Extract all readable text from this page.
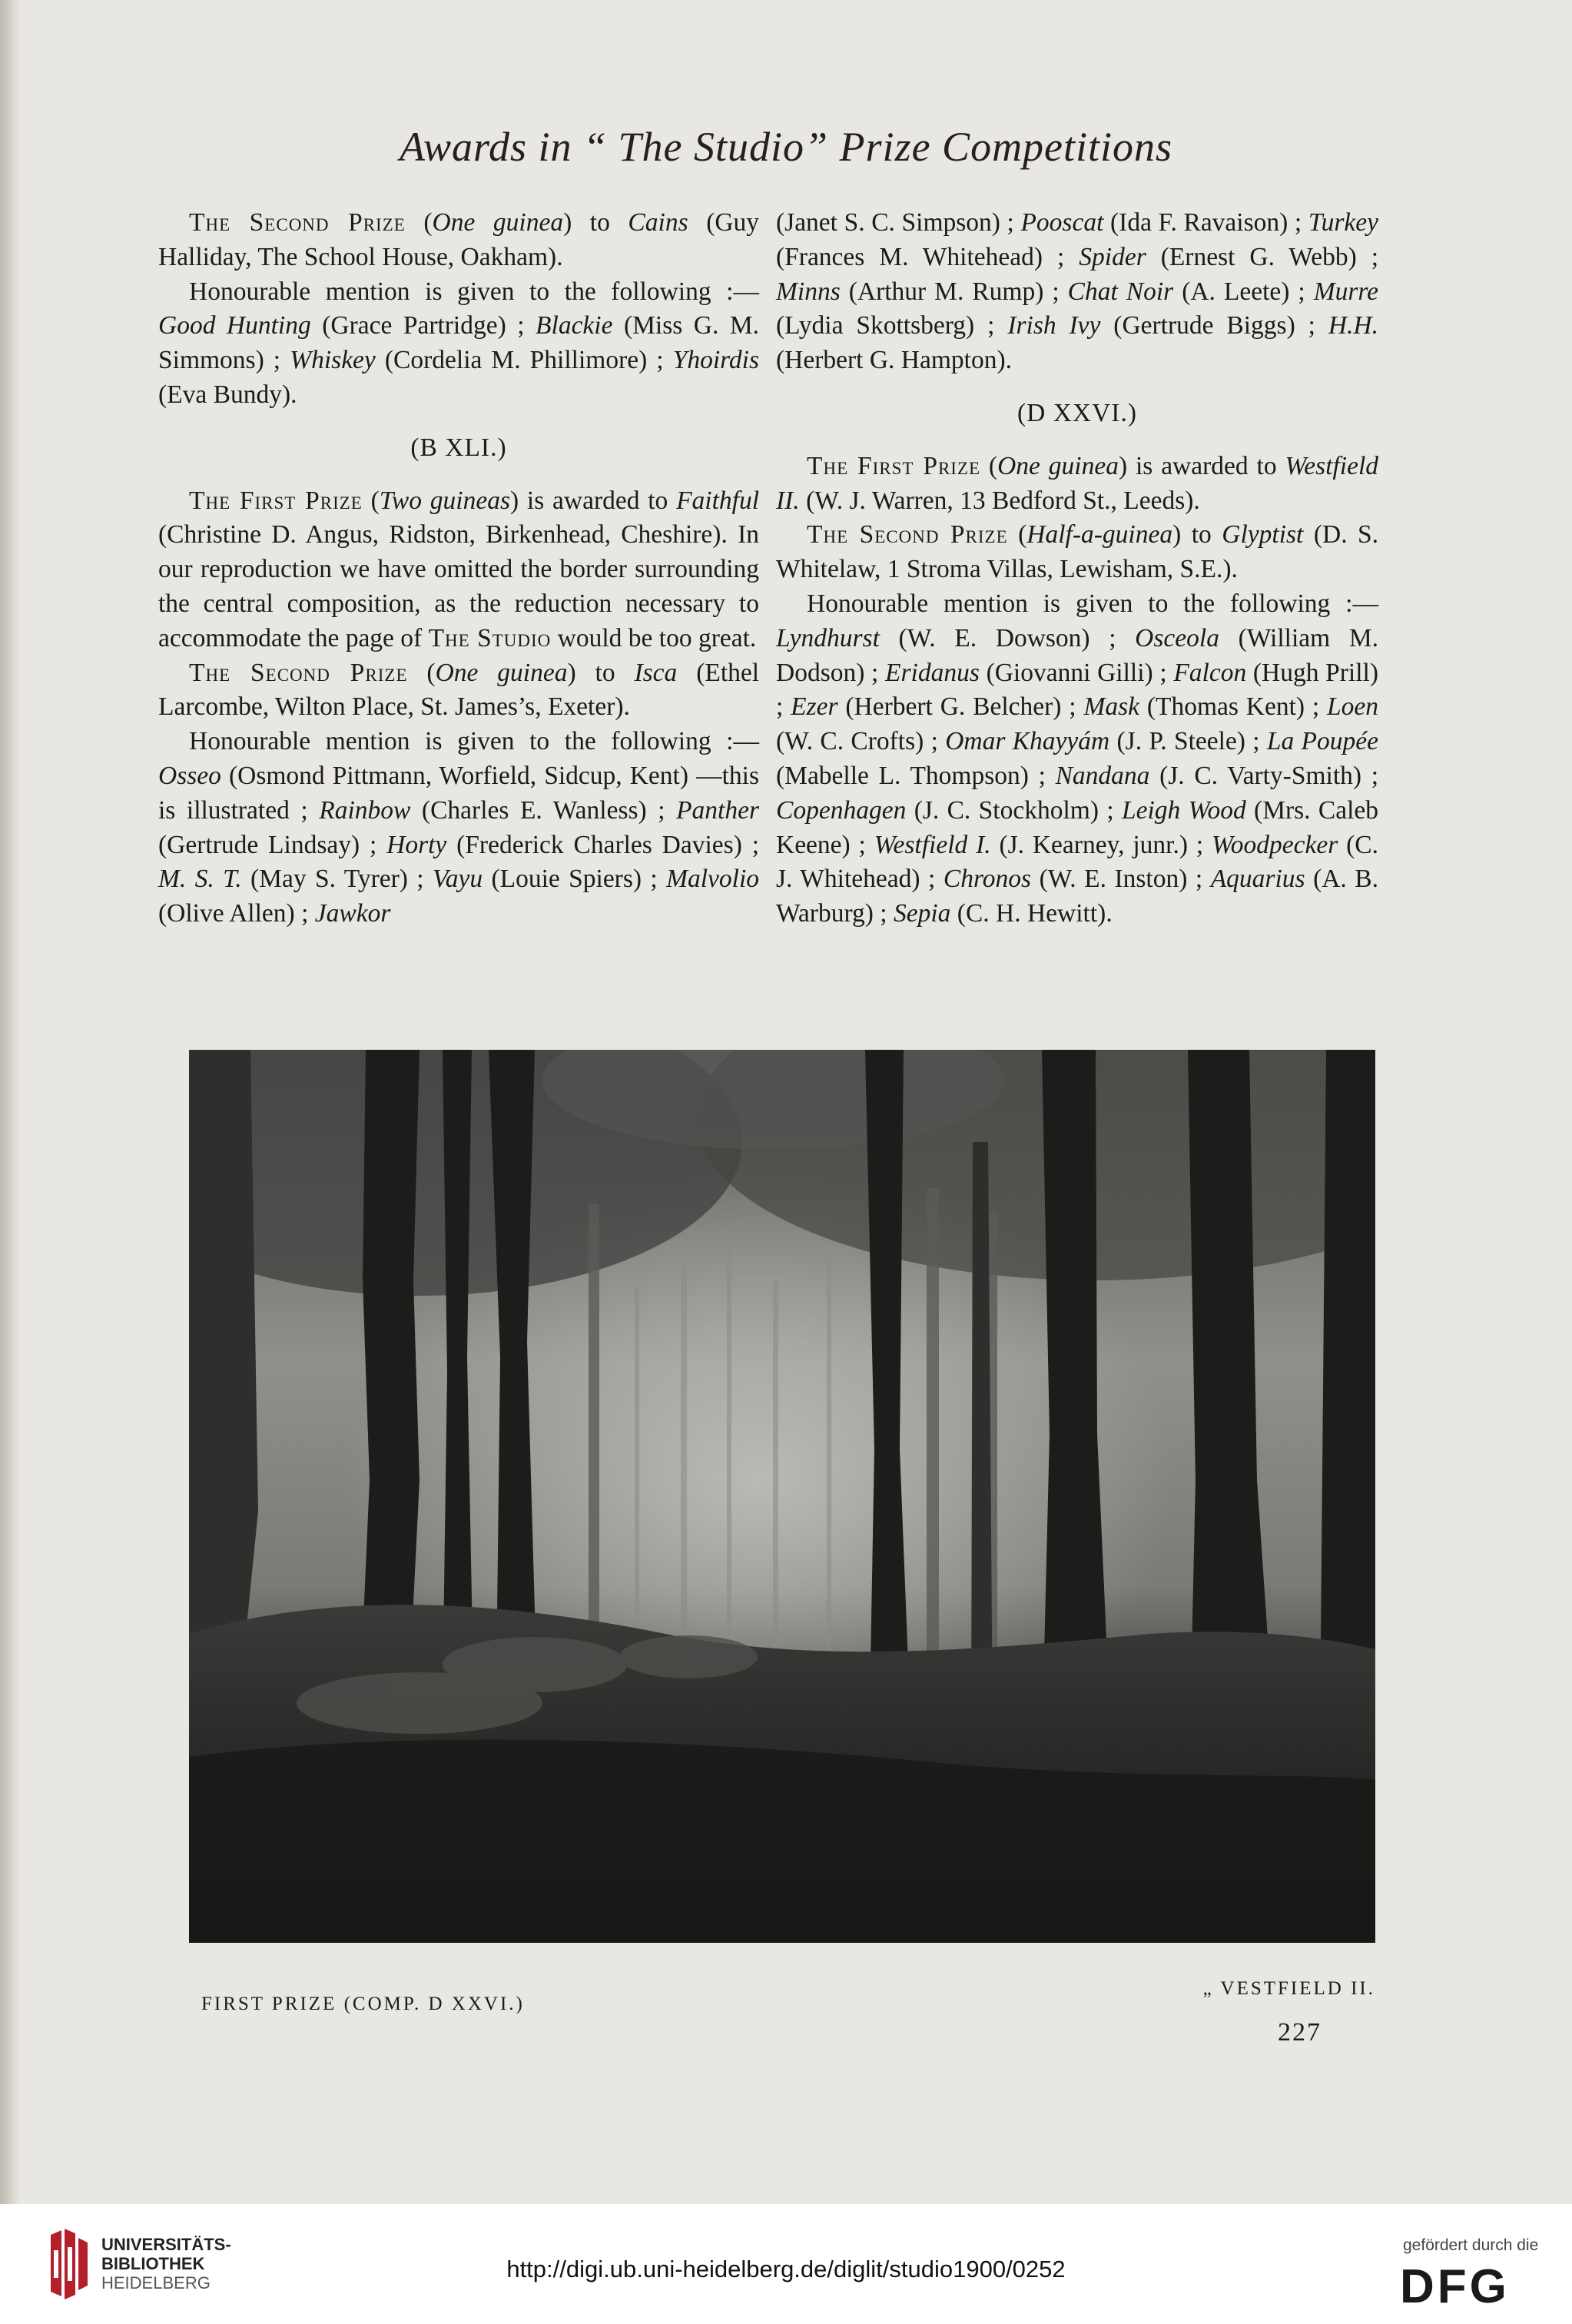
Awards in “ The Studio” Prize Competitions

The Second Prize (One guinea) to Cains (Guy Halliday, The School House, Oakham).

Honourable mention is given to the following :— Good Hunting (Grace Partridge) ; Blackie (Miss G. M. Simmons) ; Whiskey (Cordelia M. Phillimore) ; Yhoirdis (Eva Bundy).

(B XLI.)

The First Prize (Two guineas) is awarded to Faithful (Christine D. Angus, Ridston, Birkenhead, Cheshire). In our reproduction we have omitted the border surrounding the central composition, as the reduction necessary to accommodate the page of The Studio would be too great.

The Second Prize (One guinea) to Isca (Ethel Larcombe, Wilton Place, St. James’s, Exeter).

Honourable mention is given to the following :— Osseo (Osmond Pittmann, Worfield, Sidcup, Kent) —this is illustrated ; Rainbow (Charles E. Wanless) ; Panther (Gertrude Lindsay) ; Horty (Frederick Charles Davies) ; M. S. T. (May S. Tyrer) ; Vayu (Louie Spiers) ; Malvolio (Olive Allen) ; Jawkor

(Janet S. C. Simpson) ; Pooscat (Ida F. Ravaison) ; Turkey (Frances M. Whitehead) ; Spider (Ernest G. Webb) ; Minns (Arthur M. Rump) ; Chat Noir (A. Leete) ; Murre (Lydia Skottsberg) ; Irish Ivy (Gertrude Biggs) ; H.H. (Herbert G. Hampton).

(D XXVI.)

The First Prize (One guinea) is awarded to Westfield II. (W. J. Warren, 13 Bedford St., Leeds).

The Second Prize (Half-a-guinea) to Glyptist (D. S. Whitelaw, 1 Stroma Villas, Lewisham, S.E.).

Honourable mention is given to the following :— Lyndhurst (W. E. Dowson) ; Osceola (William M. Dodson) ; Eridanus (Giovanni Gilli) ; Falcon (Hugh Prill) ; Ezer (Herbert G. Belcher) ; Mask (Thomas Kent) ; Loen (W. C. Crofts) ; Omar Khayyám (J. P. Steele) ; La Poupée (Mabelle L. Thompson) ; Nandana (J. C. Varty-Smith) ; Copenhagen (J. C. Stockholm) ; Leigh Wood (Mrs. Caleb Keene) ; Westfield I. (J. Kearney, junr.) ; Woodpecker (C. J. Whitehead) ; Chronos (W. E. Inston) ; Aquarius (A. B. Warburg) ; Sepia (C. H. Hewitt).

FIRST PRIZE (COMP. D XXVI.)
„ VESTFIELD II.
227
UNIVERSITÄTS-
BIBLIOTHEK
HEIDELBERG
http://digi.ub.uni-heidelberg.de/diglit/studio1900/0252
gefördert durch die
DFG
